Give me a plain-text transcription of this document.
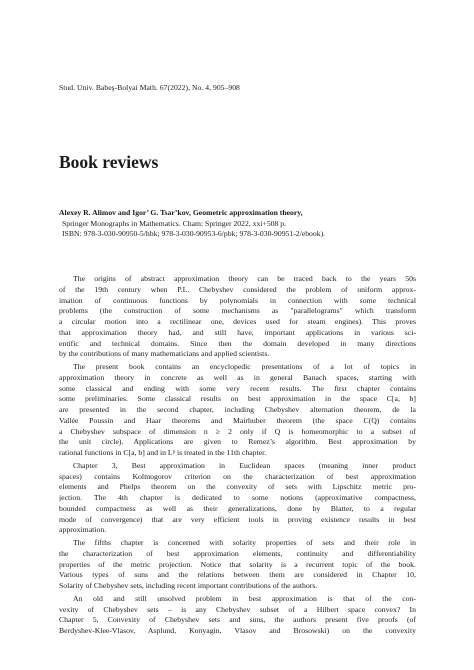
Stud. Univ. Babeş-Bolyai Math. 67(2022), No. 4, 905–908
Book reviews
Alexey R. Alimov and Igor’ G. Tsar’kov, Geometric approximation theory,
Springer Monographs in Mathematics. Cham: Springer 2022, xxi+508 p.
ISBN: 978-3-030-90950-5/hbk; 978-3-030-90953-6/pbk; 978-3-030-90951-2/ebook).

The origins of abstract approximation theory can be traced back to the years 50s
of the 19th century when P.L. Chebyshev considered the problem of uniform approx-
imation of continuous functions by polynomials in connection with some technical
problems (the construction of some mechanisms as "parallelograms" which transform
a circular motion into a rectilinear one, devices used for steam engines). This proves
that approximation theory had, and still have, important applications in various sci-
entific and technical domains. Since then the domain developed in many directions
by the contributions of many mathematicians and applied scientists.

The present book contains an encyclopedic presentations of a lot of topics in
approximation theory in concrete as well as in general Banach spaces, starting with
some classical and ending with some very recent results. The first chapter contains
some preliminaries. Some classical results on best approximation in the space C[a, b]
are presented in the second chapter, including Chebyshev alternation theorem, de la
Vallée Poussin and Haar theorems and Mairhuber theorem (the space C(Q) contains
a Chebyshev subspace of dimension n ≥ 2 only if Q is homeomorphic to a subset of
the unit circle). Applications are given to Remez’s algorithm. Best approximation by
rational functions in C[a, b] and in Lᵖ is treated in the 11th chapter.

Chapter 3, Best approximation in Euclidean spaces (meaning inner product
spaces) contains Kolmogorov criterion on the characterization of best approximation
elements and Phelps theorem on the convexity of sets with Lipschitz metric pro-
jection. The 4th chapter is dedicated to some notions (approximative compactness,
bounded compactness as well as their generalizations, done by Blatter, to a regular
mode of convergence) that are very efficient tools in proving existence results in best
approximation.

The fifths chapter is concerned with solarity properties of sets and their role in
the characterization of best approximation elements, continuity and differentiability
properties of the metric projection. Notice that solarity is a recurrent topic of the book.
Various types of suns and the relations between them are considered in Chapter 10,
Solarity of Chebyshev sets, including recent important contributions of the authors.

An old and still unsolved problem in best approximation is that of the con-
vexity of Chebyshev sets – is any Chebyshev subset of a Hilbert space convex? In
Chapter 5, Convexity of Chebyshev sets and suns, the authors present five proofs (of
Berdyshev-Klee-Vlasov, Asplund, Konyagin, Vlasov and Brosowski) on the convexity
